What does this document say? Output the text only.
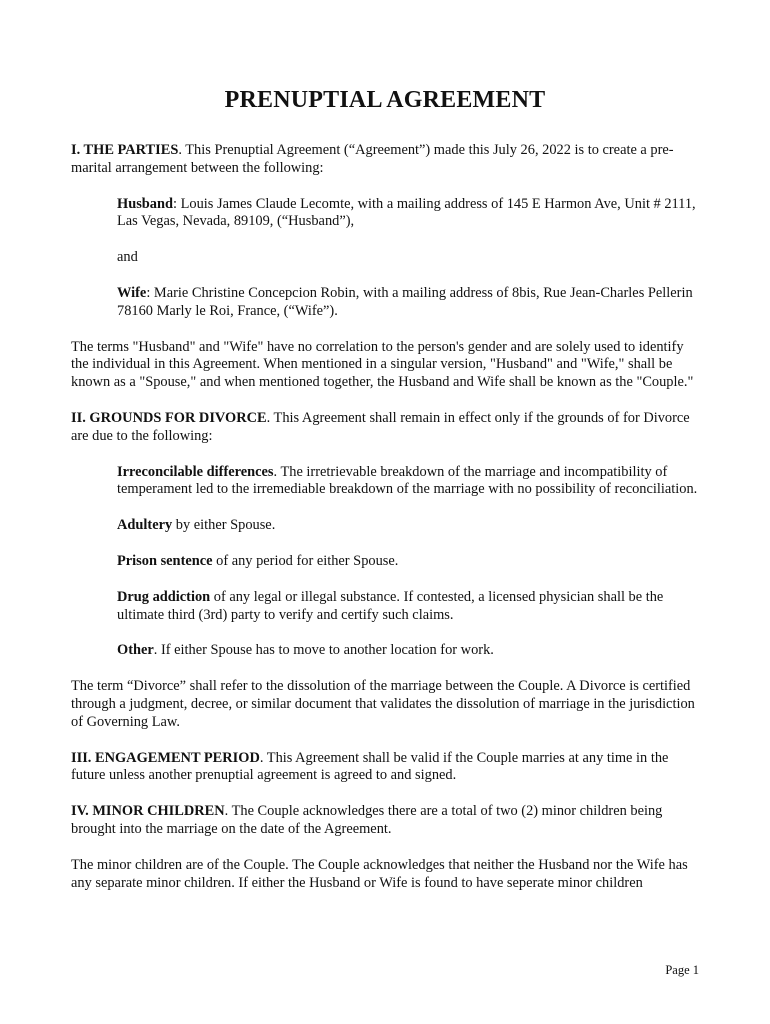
PRENUPTIAL AGREEMENT

I. THE PARTIES. This Prenuptial Agreement (“Agreement”) made this July 26, 2022 is to create a pre-marital arrangement between the following:

Husband: Louis James Claude Lecomte, with a mailing address of 145 E Harmon Ave, Unit # 2111, Las Vegas, Nevada, 89109, (“Husband”),

and

Wife: Marie Christine Concepcion Robin, with a mailing address of 8bis, Rue Jean-Charles Pellerin 78160 Marly le Roi, France, (“Wife”).

The terms "Husband" and "Wife" have no correlation to the person's gender and are solely used to identify the individual in this Agreement. When mentioned in a singular version, "Husband" and "Wife," shall be known as a "Spouse," and when mentioned together, the Husband and Wife shall be known as the "Couple."

II. GROUNDS FOR DIVORCE. This Agreement shall remain in effect only if the grounds of for Divorce are due to the following:

Irreconcilable differences. The irretrievable breakdown of the marriage and incompatibility of temperament led to the irremediable breakdown of the marriage with no possibility of reconciliation.

Adultery by either Spouse.

Prison sentence of any period for either Spouse.

Drug addiction of any legal or illegal substance. If contested, a licensed physician shall be the ultimate third (3rd) party to verify and certify such claims.

Other. If either Spouse has to move to another location for work.

The term “Divorce” shall refer to the dissolution of the marriage between the Couple. A Divorce is certified through a judgment, decree, or similar document that validates the dissolution of marriage in the jurisdiction of Governing Law.

III. ENGAGEMENT PERIOD. This Agreement shall be valid if the Couple marries at any time in the future unless another prenuptial agreement is agreed to and signed.

IV. MINOR CHILDREN. The Couple acknowledges there are a total of two (2) minor children being brought into the marriage on the date of the Agreement.

The minor children are of the Couple. The Couple acknowledges that neither the Husband nor the Wife has any separate minor children. If either the Husband or Wife is found to have seperate minor children

Page 1
